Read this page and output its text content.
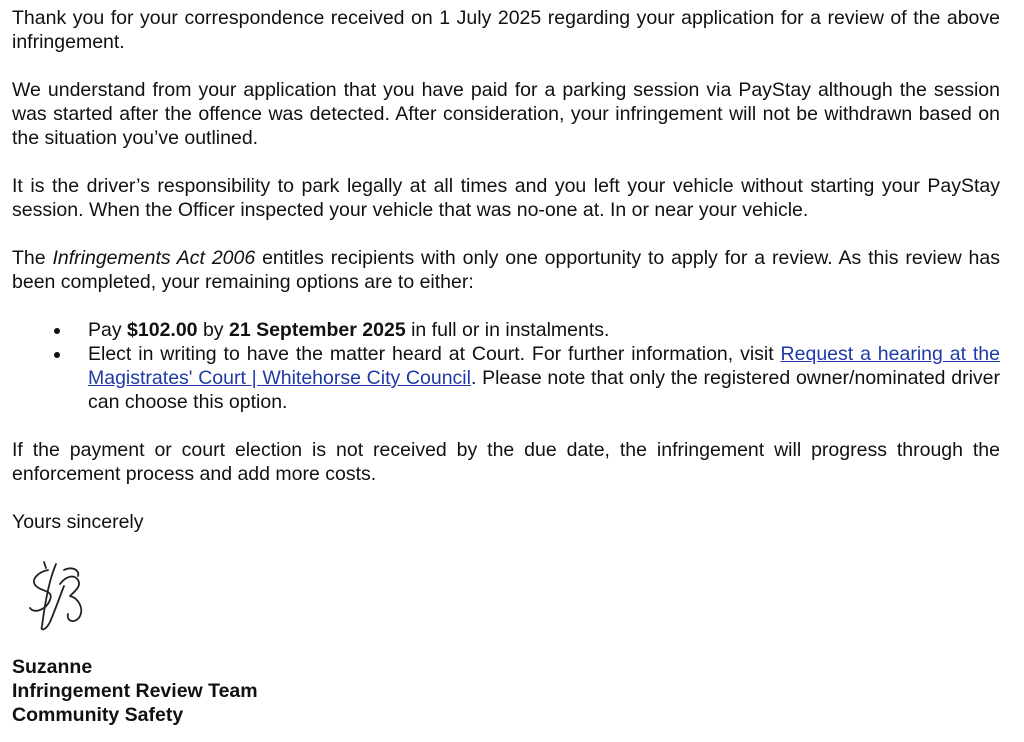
Thank you for your correspondence received on 1 July 2025 regarding your application for a review of the above infringement.

We understand from your application that you have paid for a parking session via PayStay although the session was started after the offence was detected. After consideration, your infringement will not be withdrawn based on the situation you’ve outlined.

It is the driver’s responsibility to park legally at all times and you left your vehicle without starting your PayStay session. When the Officer inspected your vehicle that was no-one at. In or near your vehicle.

The Infringements Act 2006 entitles recipients with only one opportunity to apply for a review. As this review has been completed, your remaining options are to either:

Pay $102.00 by 21 September 2025 in full or in instalments.
Elect in writing to have the matter heard at Court. For further information, visit Request a hearing at the Magistrates' Court | Whitehorse City Council. Please note that only the registered owner/nominated driver can choose this option.

If the payment or court election is not received by the due date, the infringement will progress through the enforcement process and add more costs.

Yours sincerely

Suzanne
Infringement Review Team
Community Safety
